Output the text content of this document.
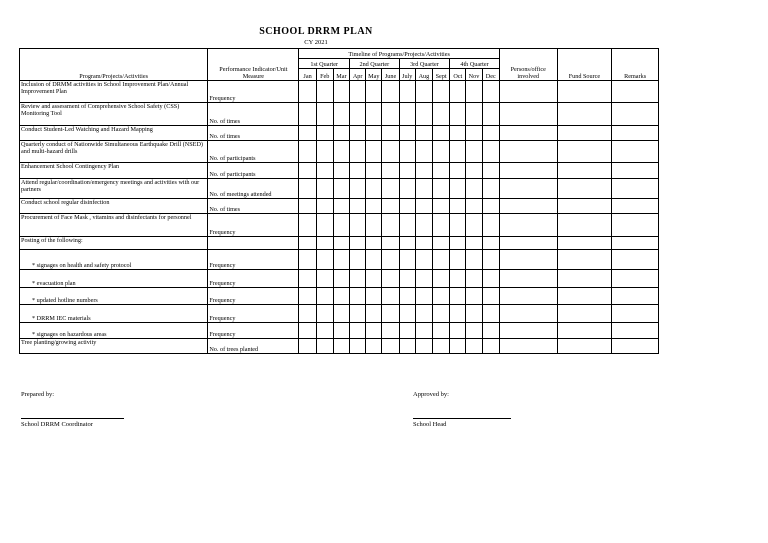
SCHOOL DRRM PLAN
CY 2021
Program/Projects/Activities	Performance Indicator/Unit Measure	Timeline of Programs/Projects/Activities												Persons/office involved	Fund Source	Remarks
		1st Quarter			2nd Quarter			3rd Quarter			4th Quarter					
		Jan	Feb	Mar	Apr	May	June	July	Aug	Sept	Oct	Nov	Dec			
Inclusion of DRMM activities in School Improvement Plan/Annual Improvement Plan	Frequency															
Review and assessment of Comprehensive School Safety (CSS) Monitoring Tool	No. of times															
Conduct Student-Led Watching and Hazard Mapping	No. of times															
Quarterly conduct of Nationwide Simultaneous Earthquake Drill (NSED) and multi-hazard drills	No. of participants															
Enhancement School Contingency Plan	No. of participants															
Attend regular/coordination/emergency meetings and activities with our partners	No. of meetings attended															
Conduct school regular disinfection	No. of times															
Procurement of Face Mask , vitamins and disinfectants for personnel	Frequency															
Posting of the following:																
* signages on health and safety protocol	Frequency															
* evacuation plan	Frequency															
* updated hotline numbers	Frequency															
* DRRM IEC materials	Frequency															
* signages on hazardous areas	Frequency															
Tree planting/growing activity	No. of trees planted															
Prepared by:
School DRRM Coordinator
Approved by:
School Head
